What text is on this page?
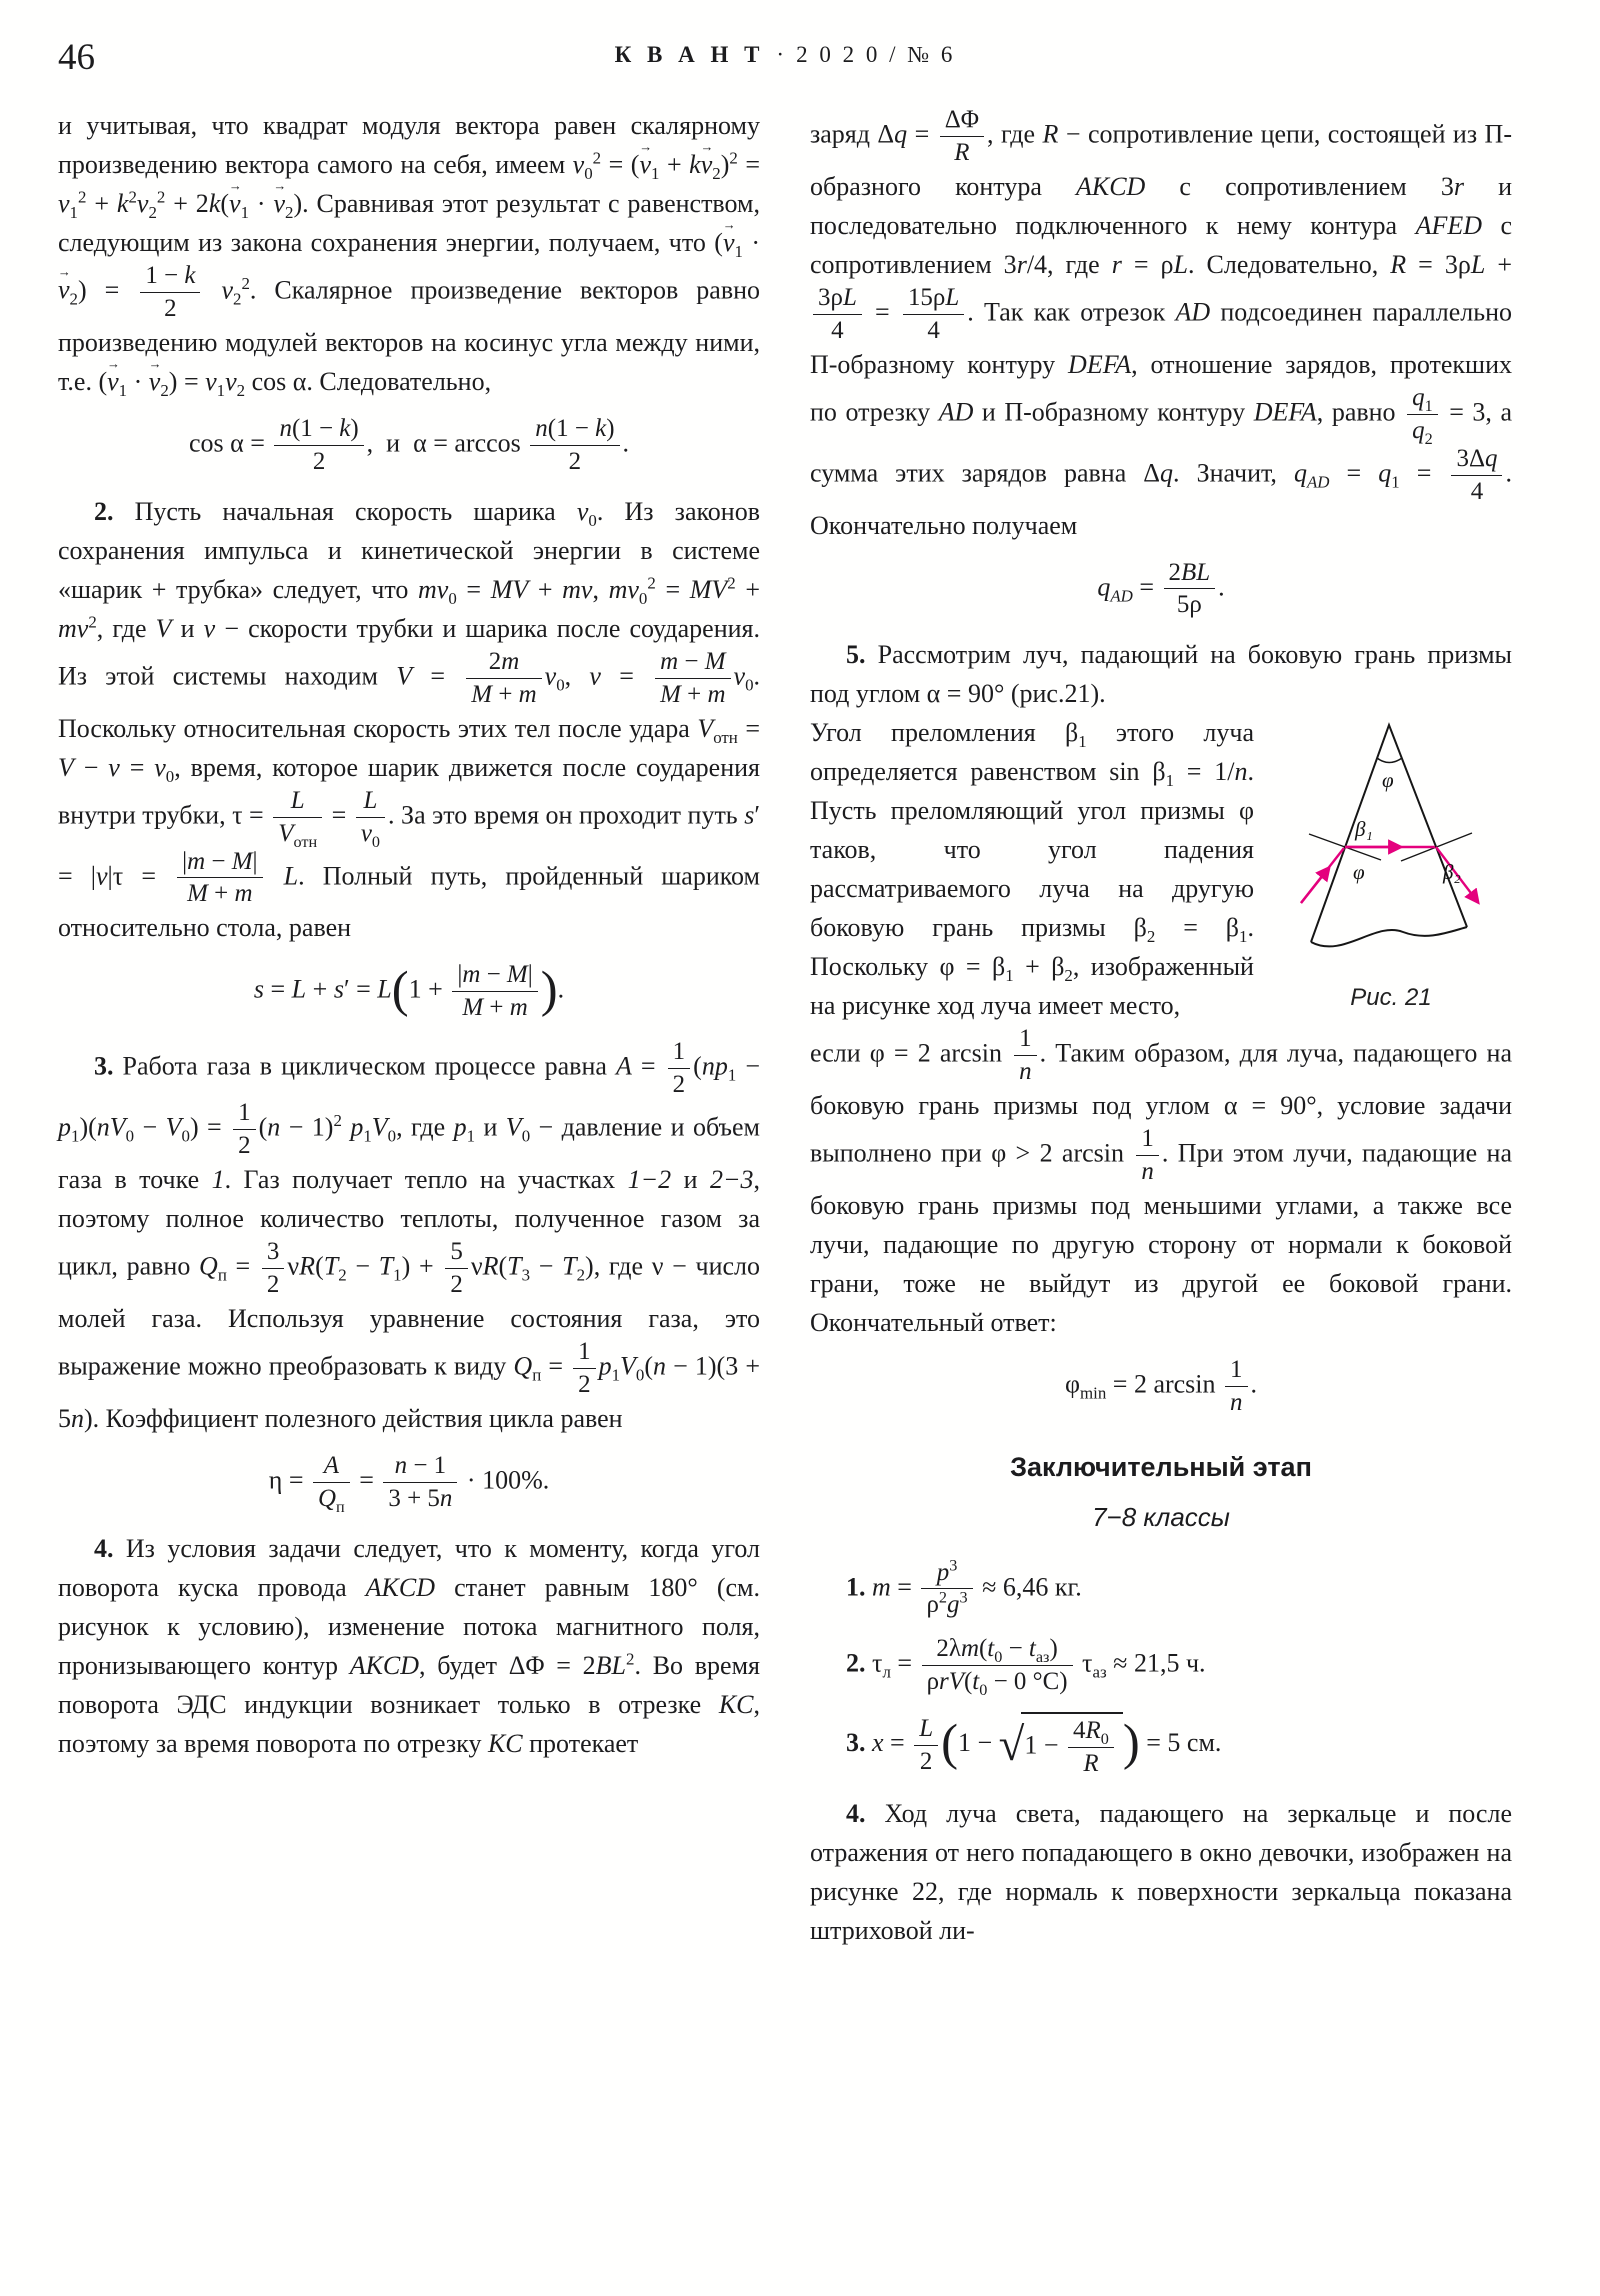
46	К В А Н Т · 2 0 2 0 / № 6

и учитывая, что квадрат модуля вектора равен скалярному произведению вектора самого на себя, имеем $v_0^2 = (v \to_1$ + kv $\to_2)^2 = v_1^2 + k^2v_2^2 + 2k(v \to_1 \cdot v \to_2)$. Сравнивая этот результат с равенством, следующим из закона сохранения энергии, получаем, что $(v \to_1 \cdot v \to_2) = \frac{1 - k}{2} v_2^2$. Скалярное произведение векторов равно произведению модулей векторов на косинус угла между ними, т.е. $(v \to_1 \cdot v \to_2) = v_1v_2$ cos α. Следовательно,

$\cos \alpha = \frac{n(1 - k)}{2}$ ,  и  $\alpha = \arccos \frac{n(1 - k)}{2}$ .

2. Пусть начальная скорость шарика $v_0$. Из законов сохранения импульса и кинетической энергии в системе «шарик + трубка» следует, что $mv_0$ = MV + mv, $mv_0^2 = MV^2 + mv^2$, где V и v − скорости трубки и шарика после соударения. Из этой системы находим $V = \frac{2m}{M + m} v_0$, $v = \frac{m - M}{M + m} v_0$. Поскольку относительная скорость этих тел после удара $V_{отн} = V - v = v_0$, время, которое шарик движется после соударения внутри трубки, $\tau = \frac{L}{V_{отн}} = \frac{L}{v_0}$ . За это время он проходит путь $s' = |v|\tau = \frac{|m - M|}{M + m} L$. Полный путь, пройденный шариком относительно стола, равен

$s = L + s' = L(1 + \frac{|m - M|}{M + m}$ ).

3. Работа газа в циклическом процессе равна $A = \frac{1}{2} (np_1 - p_1)(nV_0 - V_0) = \frac{1}{2} (n - 1)^2$ $p_1V_0$, где $p_1$ и $V_0$ − давление и объем газа в точке 1. Газ получает тепло на участках 1−2 и 2−3, поэтому полное количество теплоты, полученное газом за цикл, равно $Q_п = \frac{3}{2} \nu R(T_2 - T_1) + \frac{5}{2} \nu R(T_3 - T_2)$, где ν − число молей газа. Используя уравнение состояния газа, это выражение можно преобразовать к виду $Q_п = \frac{1}{2} p_1V_0(n - 1)(3 + 5n)$. Коэффициент полезного действия цикла равен

$\eta = \frac{A}{Q_п} = \frac{n - 1}{3 + 5n} \cdot 100\%$.

4. Из условия задачи следует, что к моменту, когда угол поворота куска провода AKCD станет равным 180° (см. рисунок к условию), изменение потока магнитного поля, пронизывающего контур AKCD, будет $\Delta\Phi = 2BL^2$. Во время поворота ЭДС индукции возникает только в отрезке KC, поэтому за время поворота по отрезку KC протекает

заряд $\Delta q = \frac{\Delta\Phi}{R}$ , где R − сопротивление цепи, состоящей из П-образного контура AKCD с сопротивлением 3r и последовательно подключенного к нему контура AFED с сопротивлением 3r/4, где r = ρL. Следовательно, R = 3ρL +
$\frac{3\rho L}{4} = \frac{15\rho L}{4}$ . Так как отрезок AD подсоединен параллельно П-образному контуру DEFA, отношение зарядов, протекших по отрезку AD и П-образному контуру DEFA, равно $\frac{q_1}{q_2} = 3$, а сумма этих зарядов равна Δq. Значит, $q_{AD} = q_1 = \frac{3\Delta q}{4}$ . Окончательно получаем

$q_{AD} = \frac{2BL}{5\rho}$ .

5. Рассмотрим луч, падающий на боковую грань призмы под углом α = 90° (рис.21).

φ
β₁
φ	β₂
Рис. 21

Угол преломления $\beta_1$ этого луча определяется равенством $\sin \beta_1 = 1/n$. Пусть преломляющий угол призмы φ таков, что угол падения рассматриваемого луча на другую боковую грань призмы $\beta_2 = \beta_1$. Поскольку $\varphi = \beta_1 + \beta_2$, изображенный на рисунке ход луча имеет место,

если φ = 2 $\arcsin \frac{1}{n}$ . Таким образом, для луча, падающего на боковую грань призмы под углом α = 90°, условие задачи выполнено при φ > 2 $\arcsin \frac{1}{n}$ . При этом лучи, падающие на боковую грань призмы под меньшими углами, а также все лучи, падающие по другую сторону от нормали к боковой грани, тоже не выйдут из другой ее боковой грани. Окончательный ответ:

$\varphi_{min} = 2$ $\arcsin \frac{1}{n}$ .
Заключительный этап
7−8 классы

1. $m = \frac{p^3}{\rho^2g^3} \approx 6,46$ кг.

2. $\tau_л = \frac{2\lambda m(t_0 - t_{аз})}{\rho rV(t_0 - 0 ^\circ C)} \tau_{аз} \approx 21,5$ ч.

3. $x = \frac{L}{2} (1 - √1 - \frac{4R_0}{R}$ ) = 5 см.

4. Ход луча света, падающего на зеркальце и после отражения от него попадающего в окно девочки, изображен на рисунке 22, где нормаль к поверхности зеркальца показана штриховой ли-
